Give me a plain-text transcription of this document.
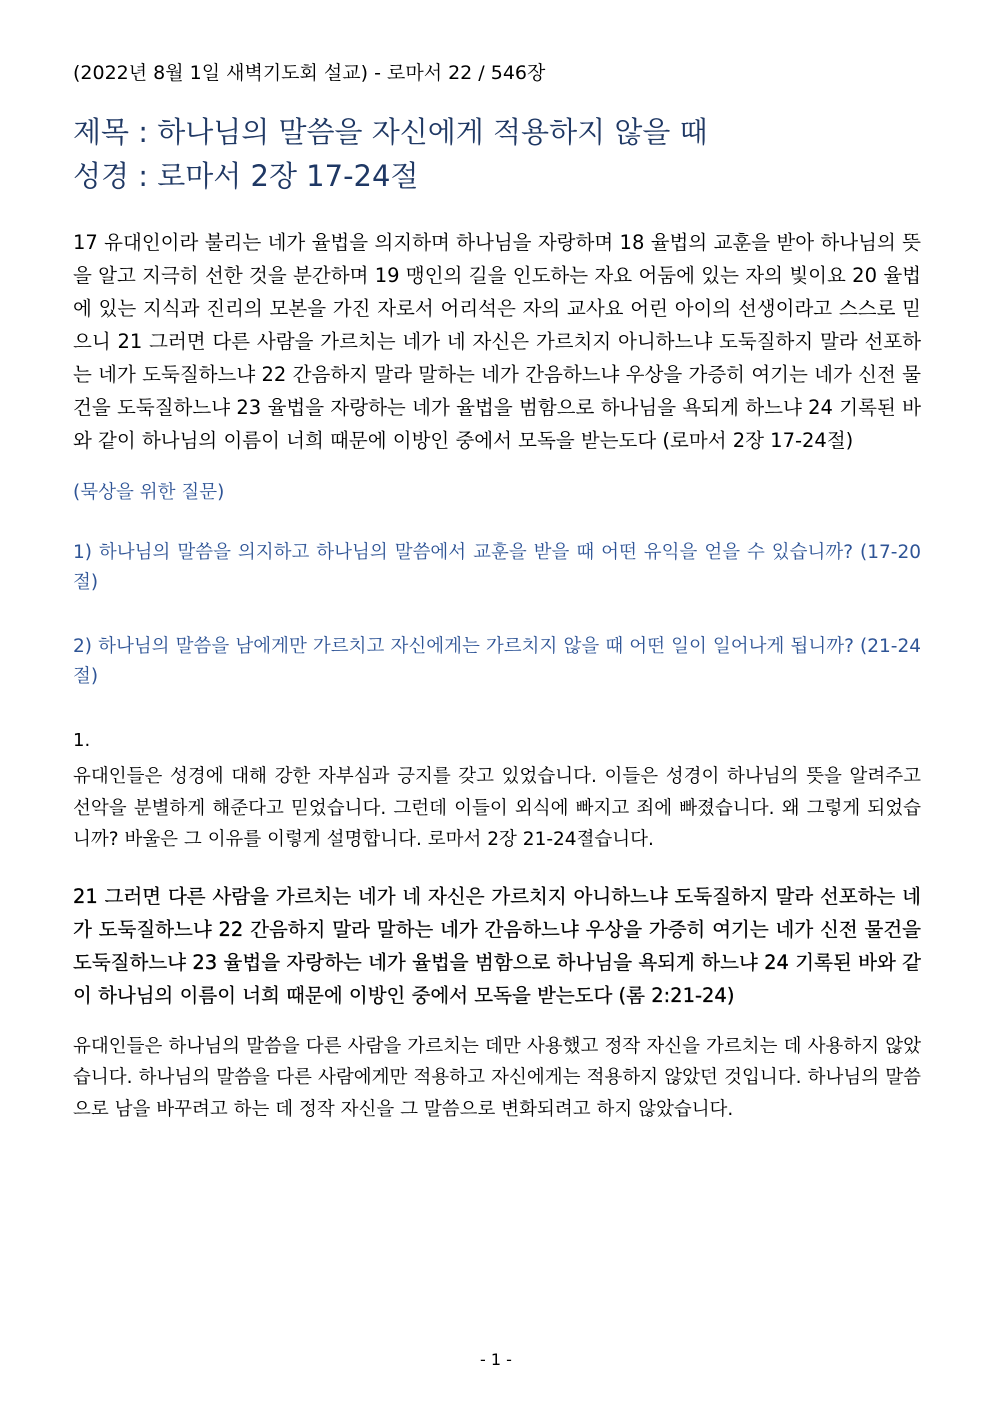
(2022년 8월 1일 새벽기도회 설교) - 로마서 22 / 546장
제목 : 하나님의 말씀을 자신에게 적용하지 않을 때
성경 : 로마서 2장 17-24절

17 유대인이라 불리는 네가 율법을 의지하며 하나님을 자랑하며 18 율법의 교훈을 받아 하나님의 뜻을 알고 지극히 선한 것을 분간하며 19 맹인의 길을 인도하는 자요 어둠에 있는 자의 빛이요 20 율법에 있는 지식과 진리의 모본을 가진 자로서 어리석은 자의 교사요 어린 아이의 선생이라고 스스로 믿으니 21 그러면 다른 사람을 가르치는 네가 네 자신은 가르치지 아니하느냐 도둑질하지 말라 선포하는 네가 도둑질하느냐 22 간음하지 말라 말하는 네가 간음하느냐 우상을 가증히 여기는 네가 신전 물건을 도둑질하느냐 23 율법을 자랑하는 네가 율법을 범함으로 하나님을 욕되게 하느냐 24 기록된 바와 같이 하나님의 이름이 너희 때문에 이방인 중에서 모독을 받는도다 (로마서 2장 17-24절)

(묵상을 위한 질문)

1) 하나님의 말씀을 의지하고 하나님의 말씀에서 교훈을 받을 때 어떤 유익을 얻을 수 있습니까? (17-20절)

2) 하나님의 말씀을 남에게만 가르치고 자신에게는 가르치지 않을 때 어떤 일이 일어나게 됩니까? (21-24절)

1.

유대인들은 성경에 대해 강한 자부심과 긍지를 갖고 있었습니다. 이들은 성경이 하나님의 뜻을 알려주고 선악을 분별하게 해준다고 믿었습니다. 그런데 이들이 외식에 빠지고 죄에 빠졌습니다. 왜 그렇게 되었습니까? 바울은 그 이유를 이렇게 설명합니다. 로마서 2장 21-24졀습니다.

21 그러면 다른 사람을 가르치는 네가 네 자신은 가르치지 아니하느냐 도둑질하지 말라 선포하는 네가 도둑질하느냐 22 간음하지 말라 말하는 네가 간음하느냐 우상을 가증히 여기는 네가 신전 물건을 도둑질하느냐 23 율법을 자랑하는 네가 율법을 범함으로 하나님을 욕되게 하느냐 24 기록된 바와 같이 하나님의 이름이 너희 때문에 이방인 중에서 모독을 받는도다 (롬 2:21-24)

유대인들은 하나님의 말씀을 다른 사람을 가르치는 데만 사용했고 정작 자신을 가르치는 데 사용하지 않았습니다. 하나님의 말씀을 다른 사람에게만 적용하고 자신에게는 적용하지 않았던 것입니다. 하나님의 말씀으로 남을 바꾸려고 하는 데 정작 자신을 그 말씀으로 변화되려고 하지 않았습니다.

- 1 -
